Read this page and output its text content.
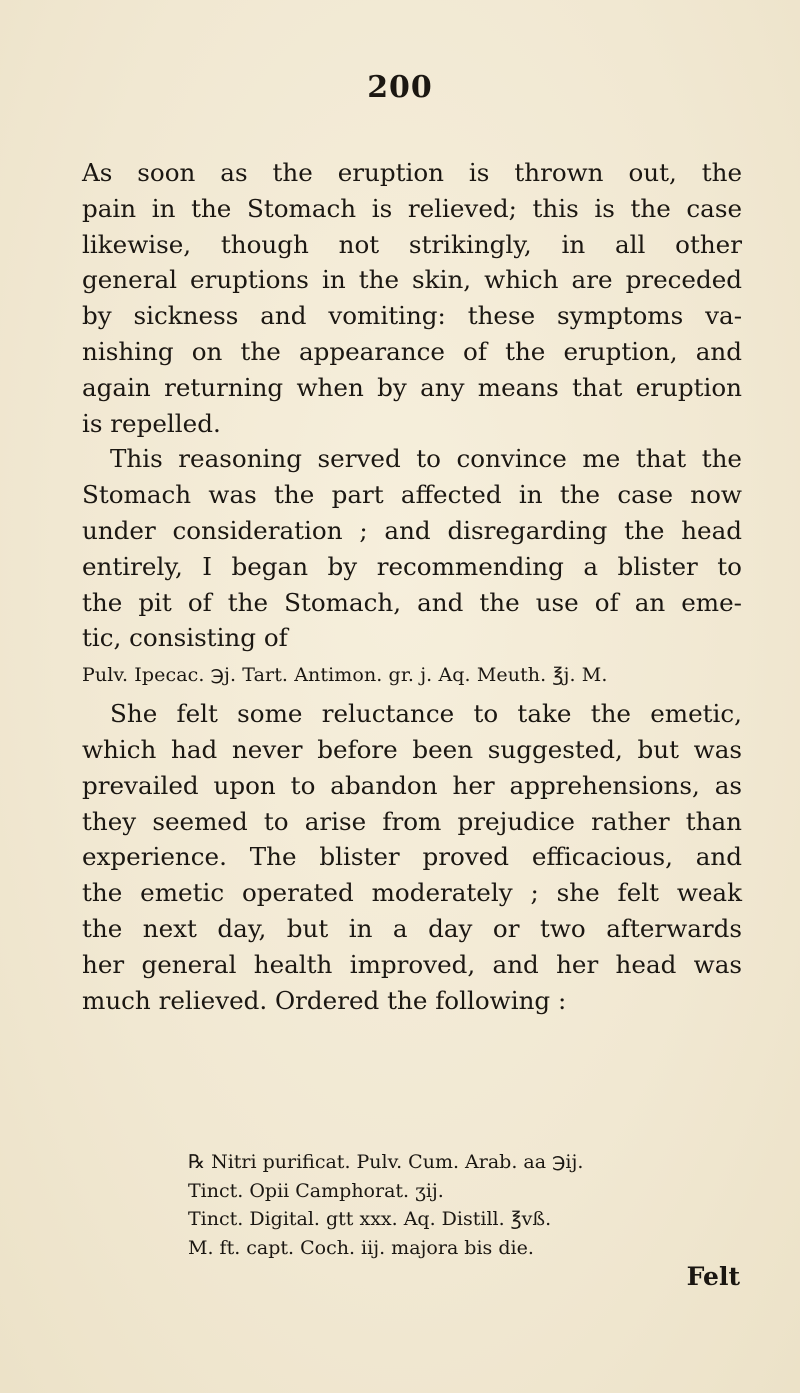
200
As soon as the eruption is thrown out, the
pain in the Stomach is relieved; this is the case
likewise, though not strikingly, in all other
general eruptions in the skin, which are preceded
by sickness and vomiting: these symptoms va-
nishing on the appearance of the eruption, and
again returning when by any means that eruption
is repelled.
This reasoning served to convince me that the
Stomach was the part affected in the case now
under consideration ; and disregarding the head
entirely, I began by recommending a blister to
the pit of the Stomach, and the use of an eme-
tic, consisting of
Pulv. Ipecac. ℈j. Tart. Antimon. gr. j. Aq. Meuth. ℥j. M.
She felt some reluctance to take the emetic,
which had never before been suggested, but was
prevailed upon to abandon her apprehensions, as
they seemed to arise from prejudice rather than
experience. The blister proved efficacious, and
the emetic operated moderately ; she felt weak
the next day, but in a day or two afterwards
her general health improved, and her head was
much relieved. Ordered the following :
℞ Nitri purificat. Pulv. Cum. Arab. aa ℈ij.
Tinct. Opii Camphorat. ʒij.
Tinct. Digital. gtt xxx. Aq. Distill. ℥vß.
M. ft. capt. Coch. iij. majora bis die.
Felt
